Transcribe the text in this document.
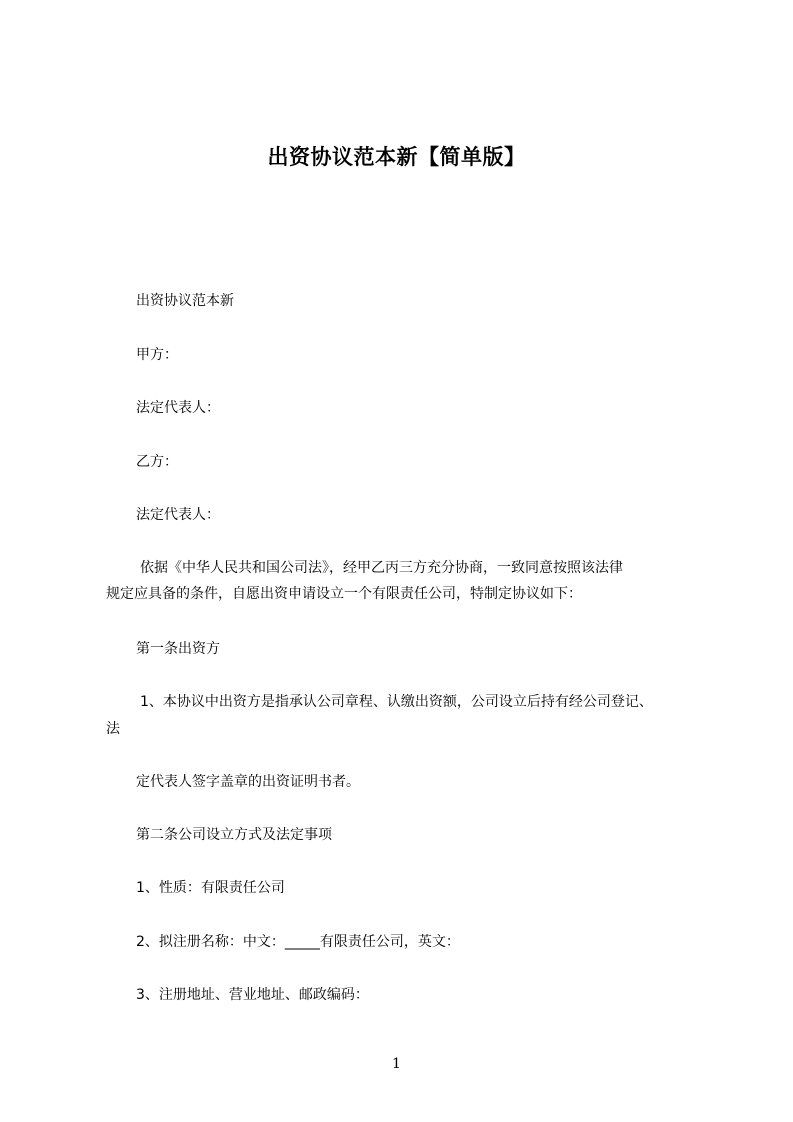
出资协议范本新【简单版】
出资协议范本新
甲方：
法定代表人：
乙方：
法定代表人：
依据《中华人民共和国公司法》，经甲乙丙三方充分协商，一致同意按照该法律
规定应具备的条件，自愿出资申请设立一个有限责任公司，特制定协议如下：
第一条出资方
1、本协议中出资方是指承认公司章程、认缴出资额，公司设立后持有经公司登记、
法
定代表人签字盖章的出资证明书者。
第二条公司设立方式及法定事项
1、性质：有限责任公司
2、拟注册名称：中文：_____有限责任公司，英文：
3、注册地址、营业地址、邮政编码：
1
